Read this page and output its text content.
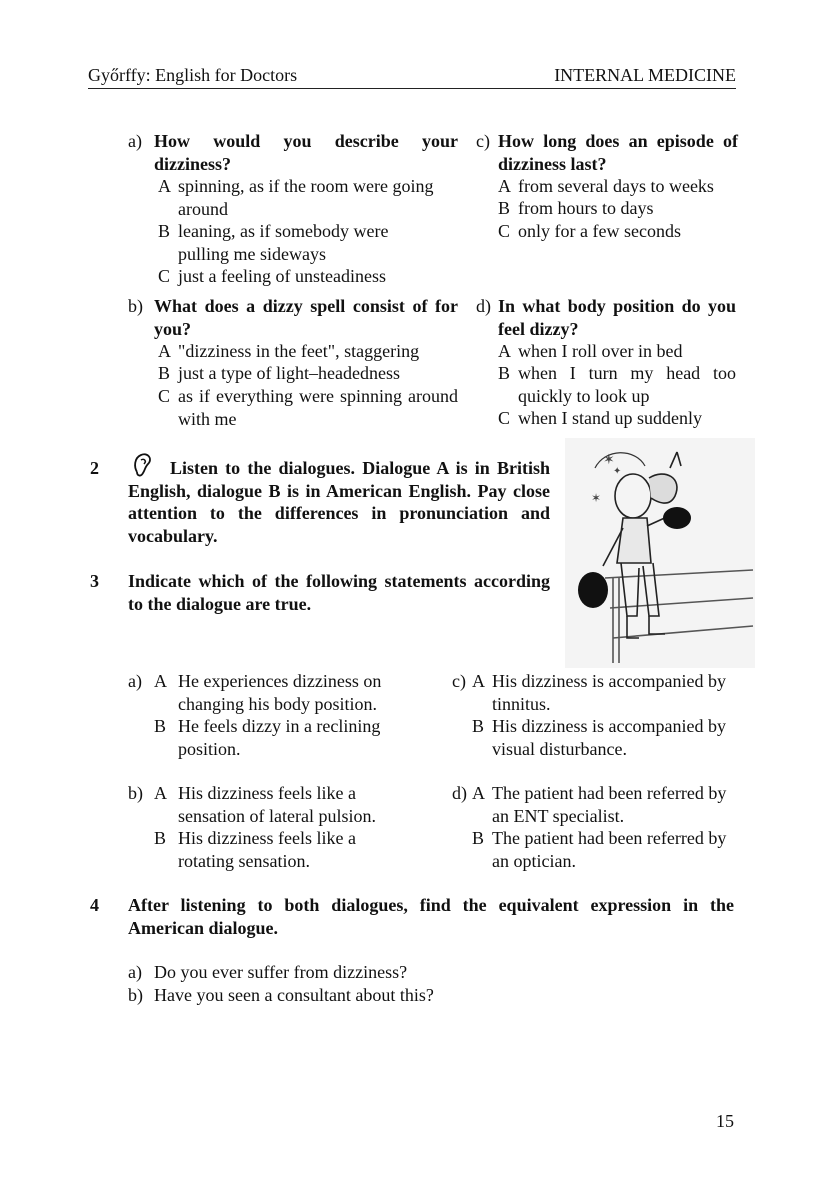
Győrffy: English for Doctors	INTERNAL MEDICINE
a) How would you describe your dizziness?
A spinning, as if the room were going around
B leaning, as if somebody were pulling me sideways
C just a feeling of unsteadiness
b) What does a dizzy spell consist of for you?
A "dizziness in the feet", staggering
B just a type of light–headedness
C as if everything were spinning around with me
c) How long does an episode of dizziness last?
A from several days to weeks
B from hours to days
C only for a few seconds
d) In what body position do you feel dizzy?
A when I roll over in bed
B when I turn my head too quickly to look up
C when I stand up suddenly
2	Listen to the dialogues. Dialogue A is in British English, dialogue B is in American English. Pay close attention to the differences in pronunciation and vocabulary.
3 Indicate which of the following statements according to the dialogue are true.
✶
✶
✦
a) A He experiences dizziness on changing his body position.
B He feels dizzy in a reclining position.
b) A His dizziness feels like a sensation of lateral pulsion.
B His dizziness feels like a rotating sensation.
c) A His dizziness is accompanied by tinnitus.
B His dizziness is accompanied by visual disturbance.
d) A The patient had been referred by an ENT specialist.
B The patient had been referred by an optician.
4 After listening to both dialogues, find the equivalent expression in the American dialogue.
a) Do you ever suffer from dizziness?
b) Have you seen a consultant about this?
15
